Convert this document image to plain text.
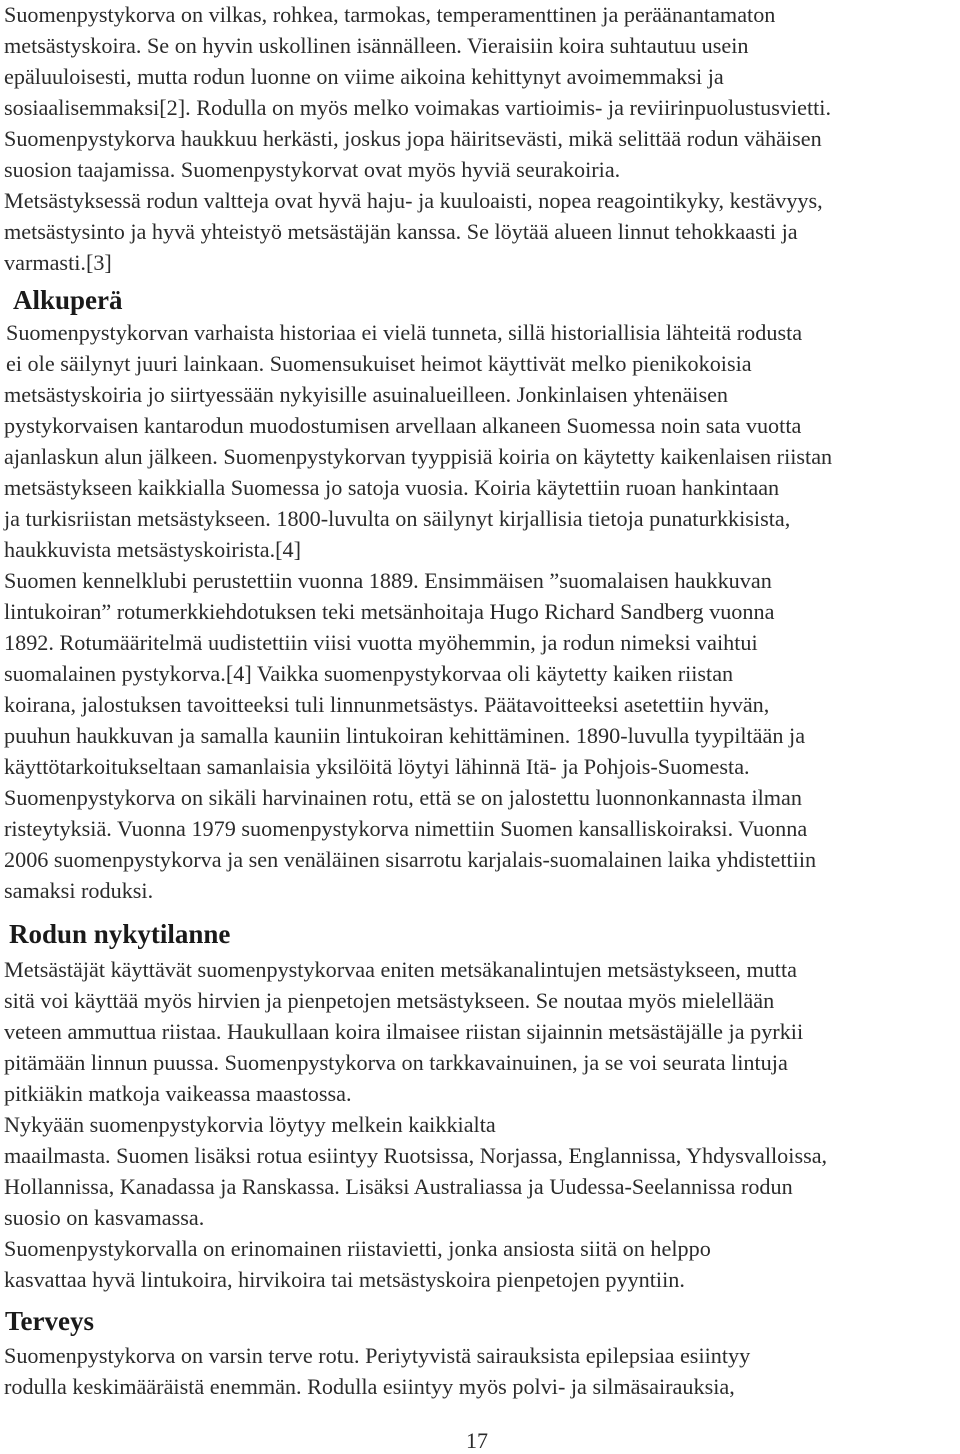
Suomenpystykorva on vilkas, rohkea, tarmokas, temperamenttinen ja peräänantamaton
metsästyskoira. Se on hyvin uskollinen isännälleen. Vieraisiin koira suhtautuu usein
epäluuloisesti, mutta rodun luonne on viime aikoina kehittynyt avoimemmaksi ja
sosiaalisemmaksi[2]. Rodulla on myös melko voimakas vartioimis- ja reviirinpuolustusvietti.
Suomenpystykorva haukkuu herkästi, joskus jopa häiritsevästi, mikä selittää rodun vähäisen
suosion taajamissa. Suomenpystykorvat ovat myös hyviä seurakoiria.
Metsästyksessä rodun valtteja ovat hyvä haju- ja kuuloaisti, nopea reagointikyky, kestävyys,
metsästysinto ja hyvä yhteistyö metsästäjän kanssa. Se löytää alueen linnut tehokkaasti ja
varmasti.[3]
Alkuperä
Suomenpystykorvan varhaista historiaa ei vielä tunneta, sillä historiallisia lähteitä rodusta
ei ole säilynyt juuri lainkaan. Suomensukuiset heimot käyttivät melko pienikokoisia
metsästyskoiria jo siirtyessään nykyisille asuinalueilleen. Jonkinlaisen yhtenäisen
pystykorvaisen kantarodun muodostumisen arvellaan alkaneen Suomessa noin sata vuotta
ajanlaskun alun jälkeen. Suomenpystykorvan tyyppisiä koiria on käytetty kaikenlaisen riistan
metsästykseen kaikkialla Suomessa jo satoja vuosia. Koiria käytettiin ruoan hankintaan
ja turkisriistan metsästykseen. 1800-luvulta on säilynyt kirjallisia tietoja punaturkkisista,
haukkuvista metsästyskoirista.[4]
Suomen kennelklubi perustettiin vuonna 1889. Ensimmäisen ”suomalaisen haukkuvan
lintukoiran” rotumerkkiehdotuksen teki metsänhoitaja Hugo Richard Sandberg vuonna
1892. Rotumääritelmä uudistettiin viisi vuotta myöhemmin, ja rodun nimeksi vaihtui
suomalainen pystykorva.[4] Vaikka suomenpystykorvaa oli käytetty kaiken riistan
koirana, jalostuksen tavoitteeksi tuli linnunmetsästys. Päätavoitteeksi asetettiin hyvän,
puuhun haukkuvan ja samalla kauniin lintukoiran kehittäminen. 1890-luvulla tyypiltään ja
käyttötarkoitukseltaan samanlaisia yksilöitä löytyi lähinnä Itä- ja Pohjois-Suomesta.
Suomenpystykorva on sikäli harvinainen rotu, että se on jalostettu luonnonkannasta ilman
risteytyksiä. Vuonna 1979 suomenpystykorva nimettiin Suomen kansalliskoiraksi. Vuonna
2006 suomenpystykorva ja sen venäläinen sisarrotu karjalais-suomalainen laika yhdistettiin
samaksi roduksi.
Rodun nykytilanne
Metsästäjät käyttävät suomenpystykorvaa eniten metsäkanalintujen metsästykseen, mutta
sitä voi käyttää myös hirvien ja pienpetojen metsästykseen. Se noutaa myös mielellään
veteen ammuttua riistaa. Haukullaan koira ilmaisee riistan sijainnin metsästäjälle ja pyrkii
pitämään linnun puussa. Suomenpystykorva on tarkkavainuinen, ja se voi seurata lintuja
pitkiäkin matkoja vaikeassa maastossa.
Nykyään suomenpystykorvia löytyy melkein kaikkialta
maailmasta. Suomen lisäksi rotua esiintyy Ruotsissa, Norjassa, Englannissa, Yhdysvalloissa,
Hollannissa, Kanadassa ja Ranskassa. Lisäksi Australiassa ja Uudessa-Seelannissa rodun
suosio on kasvamassa.
Suomenpystykorvalla on erinomainen riistavietti, jonka ansiosta siitä on helppo
kasvattaa hyvä lintukoira, hirvikoira tai metsästyskoira pienpetojen pyyntiin.
Terveys
Suomenpystykorva on varsin terve rotu. Periytyvistä sairauksista epilepsiaa esiintyy
rodulla keskimääräistä enemmän. Rodulla esiintyy myös polvi- ja silmäsairauksia,
17
